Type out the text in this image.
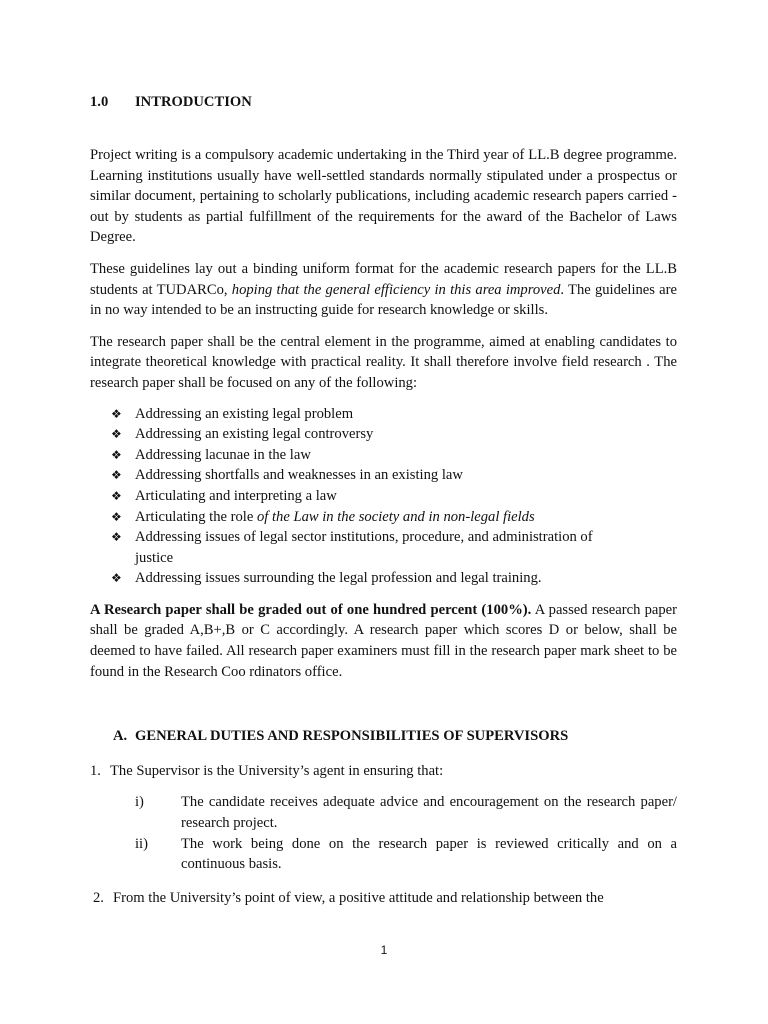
1.0 INTRODUCTION

Project writing is a compulsory academic undertaking in the Third year of LL.B degree programme. Learning institutions usually have well-settled standards normally stipulated under a prospectus or similar document, pertaining to scholarly publications, including academic research papers carried - out by students as partial fulfillment of the requirements for the award of the Bachelor of Laws Degree.

These guidelines lay out a binding uniform format for the academic research papers for the LL.B students at TUDARCo, hoping that the general efficiency in this area improved. The guidelines are in no way intended to be an instructing guide for research knowledge or skills.

The research paper shall be the central element in the programme, aimed at enabling candidates to integrate theoretical knowledge with practical reality. It shall therefore involve field research . The research paper shall be focused on any of the following:

❖ Addressing an existing legal problem
❖ Addressing an existing legal controversy
❖ Addressing lacunae in the law
❖ Addressing shortfalls and weaknesses in an existing law
❖ Articulating and interpreting a law
❖ Articulating the role of the Law in the society and in non-legal fields
❖ Addressing issues of legal sector institutions, procedure, and administration of justice
❖ Addressing issues surrounding the legal profession and legal training.

A Research paper shall be graded out of one hundred percent (100%). A passed research paper shall be graded A,B+,B or C accordingly. A research paper which scores D or below, shall be deemed to have failed. All research paper examiners must fill in the research paper mark sheet to be found in the Research Coo rdinators office.

A. GENERAL DUTIES AND RESPONSIBILITIES OF SUPERVISORS
1. The Supervisor is the University’s agent in ensuring that:
i)	The candidate receives adequate advice and encouragement on the research paper/ research project.
ii) The work being done on the research paper is reviewed critically and on a continuous basis.
2. From the University’s point of view, a positive attitude and relationship between the
1
